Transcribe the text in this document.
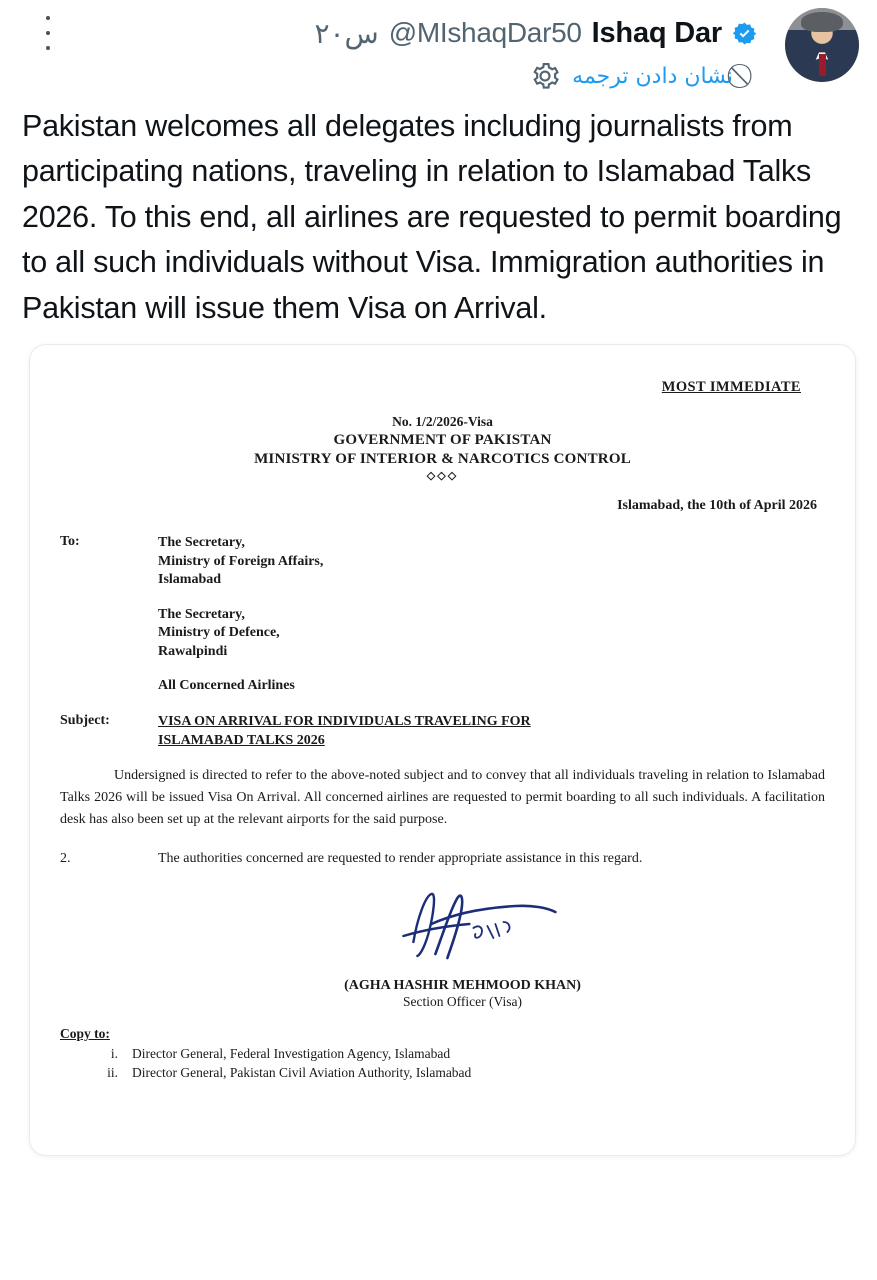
س۲۰ @MIshaqDar50 Ishaq Dar
نشان دادن ترجمه
Pakistan welcomes all delegates including journalists from participating nations, traveling in relation to Islamabad Talks 2026. To this end, all airlines are requested to permit boarding to all such individuals without Visa. Immigration authorities in Pakistan will issue them Visa on Arrival.
MOST IMMEDIATE
No. 1/2/2026-Visa
GOVERNMENT OF PAKISTAN
MINISTRY OF INTERIOR & NARCOTICS CONTROL
◇◇◇
Islamabad, the 10th of April 2026
To:	The Secretary,
Ministry of Foreign Affairs,
Islamabad
The Secretary,
Ministry of Defence,
Rawalpindi
All Concerned Airlines
Subject:	VISA ON ARRIVAL FOR INDIVIDUALS TRAVELING FOR ISLAMABAD TALKS 2026
Undersigned is directed to refer to the above-noted subject and to convey that all individuals traveling in relation to Islamabad Talks 2026 will be issued Visa On Arrival. All concerned airlines are requested to permit boarding to all such individuals. A facilitation desk has also been set up at the relevant airports for the said purpose.
2.	The authorities concerned are requested to render appropriate assistance in this regard.
(AGHA HASHIR MEHMOOD KHAN)
Section Officer (Visa)
Copy to:
i.	Director General, Federal Investigation Agency, Islamabad
ii.	Director General, Pakistan Civil Aviation Authority, Islamabad
